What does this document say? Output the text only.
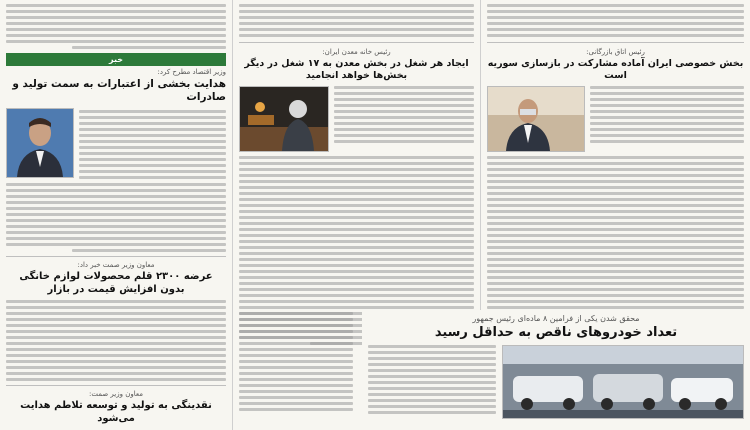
خبر
وزیر اقتصاد مطرح کرد:
هدایت بخشی از اعتبارات به سمت تولید و صادرات
معاون وزیر صمت خبر داد:
عرضه ۲۳۰۰ قلم محصولات لوازم خانگی بدون افزایش قیمت در بازار
معاون وزیر صمت:
نقدینگی به تولید و توسعه تلاطم هدایت می‌شود
رئیس خانه معدن ایران:
ایجاد هر شغل در بخش معدن به ۱۷ شغل در دیگر بخش‌ها خواهد انجامید
رئیس اتاق بازرگانی:
بخش خصوصی ایران آماده مشارکت در بازسازی سوریه است
محقق شدن یکی از فرامین ۸ ماده‌ای رئیس جمهور
تعداد خودروهای ناقص به حداقل رسید
